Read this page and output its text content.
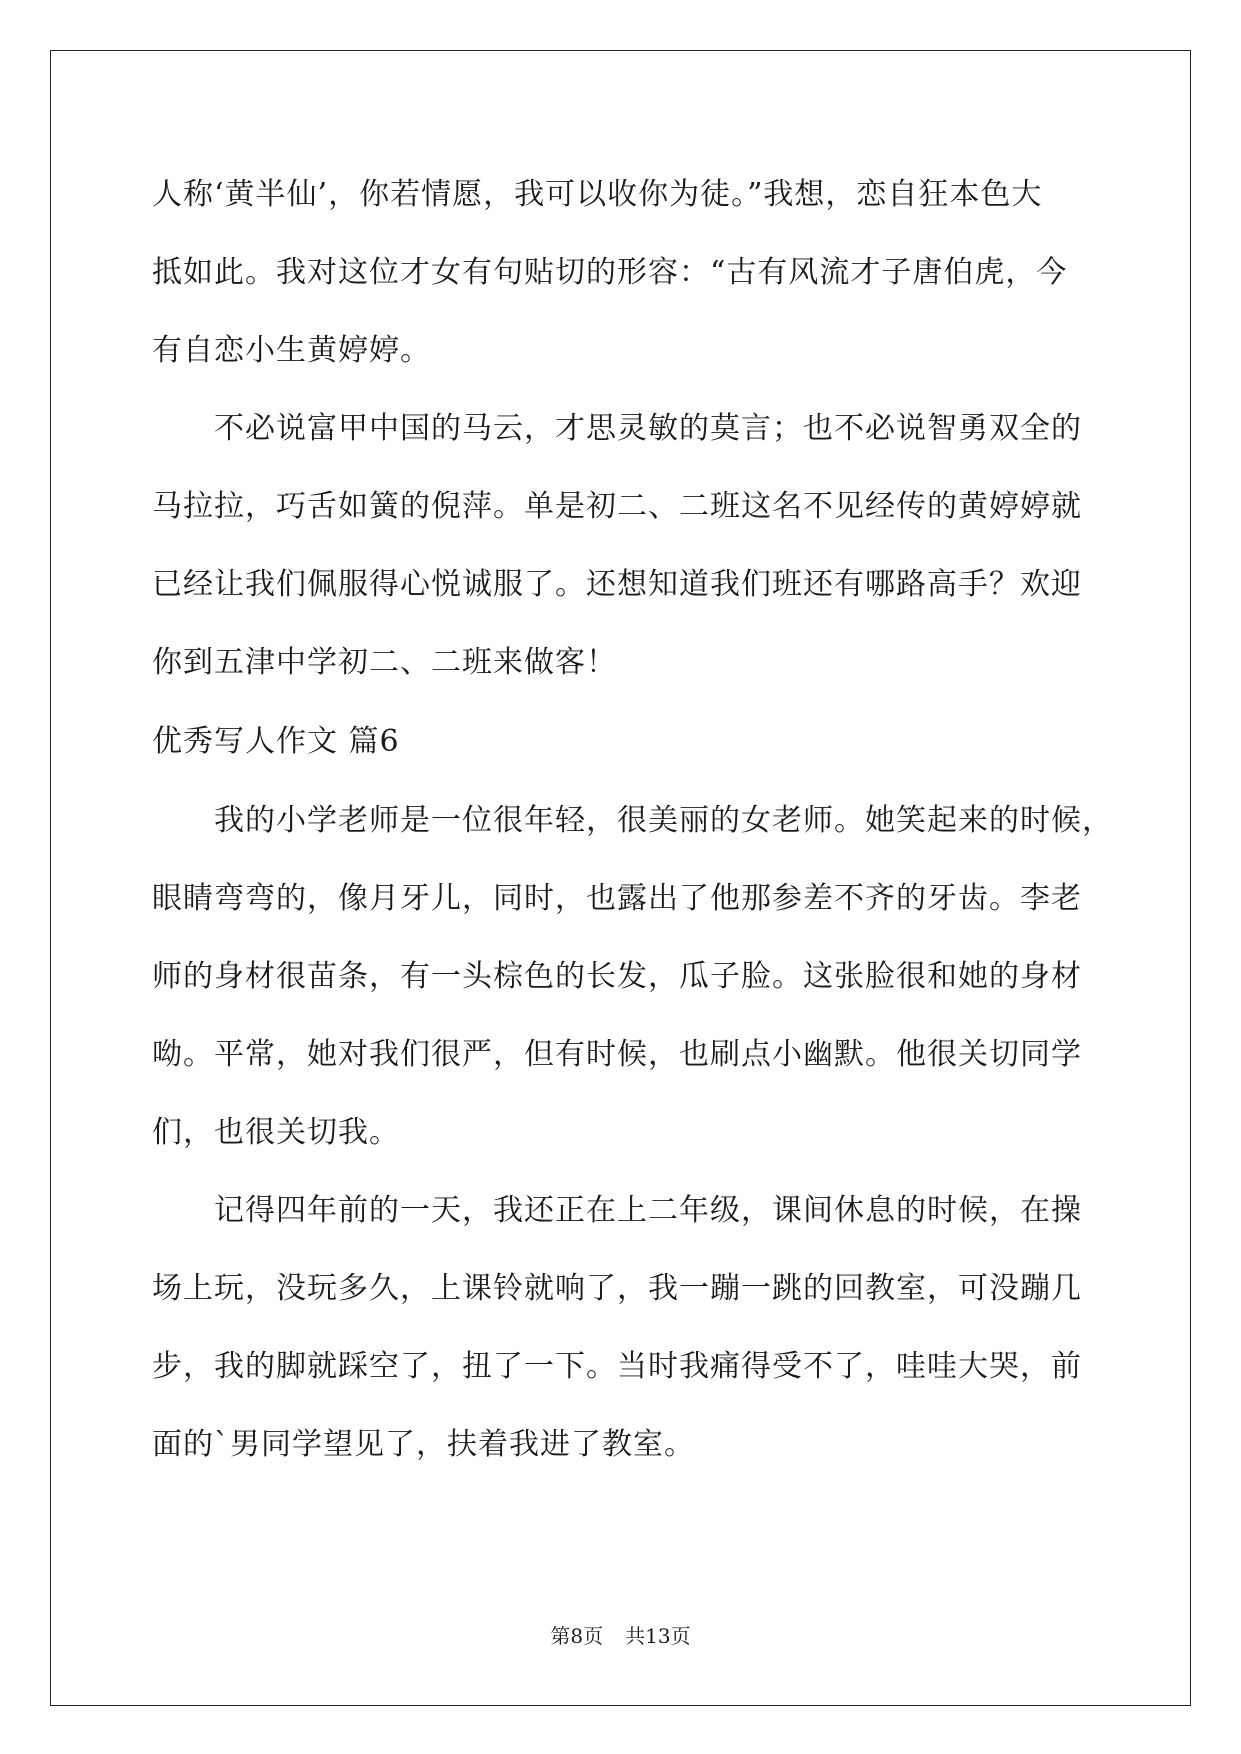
人称‘黄半仙’，你若情愿，我可以收你为徒。”我想，恋自狂本色大
抵如此。我对这位才女有句贴切的形容：“古有风流才子唐伯虎，今
有自恋小生黄婷婷。
不必说富甲中国的马云，才思灵敏的莫言；也不必说智勇双全的
马拉拉，巧舌如簧的倪萍。单是初二、二班这名不见经传的黄婷婷就
已经让我们佩服得心悦诚服了。还想知道我们班还有哪路高手？欢迎
你到五津中学初二、二班来做客！
优秀写人作文 篇6
我的小学老师是一位很年轻，很美丽的女老师。她笑起来的时候，
眼睛弯弯的，像月牙儿，同时，也露出了他那参差不齐的牙齿。李老
师的身材很苗条，有一头棕色的长发，瓜子脸。这张脸很和她的身材
呦。平常，她对我们很严，但有时候，也刷点小幽默。他很关切同学
们，也很关切我。
记得四年前的一天，我还正在上二年级，课间休息的时候，在操
场上玩，没玩多久，上课铃就响了，我一蹦一跳的回教室，可没蹦几
步，我的脚就踩空了，扭了一下。当时我痛得受不了，哇哇大哭，前
面的`男同学望见了，扶着我进了教室。
第8页 共13页
